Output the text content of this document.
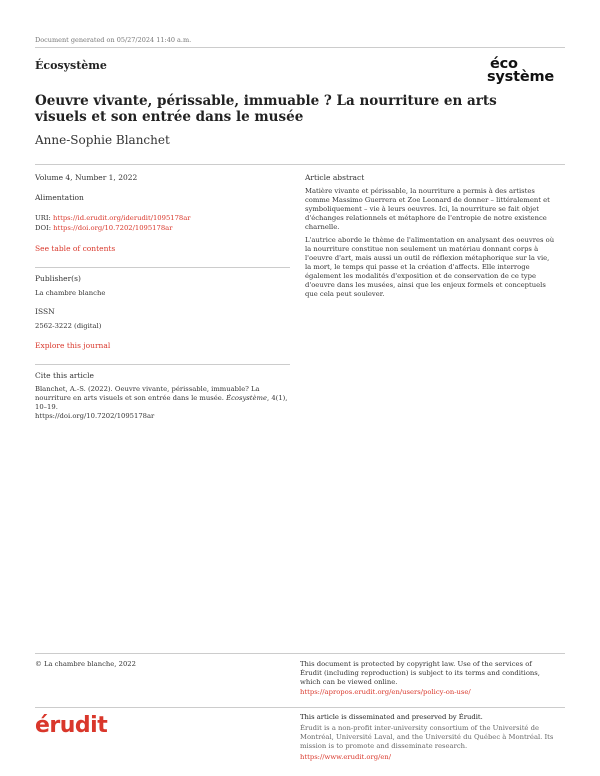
Document generated on 05/27/2024 11:40 a.m.
Écosystème	éco
système
Oeuvre vivante, périssable, immuable ? La nourriture en arts visuels et son entrée dans le musée
Anne-Sophie Blanchet
Volume 4, Number 1, 2022
Alimentation
URI: https://id.erudit.org/iderudit/1095178ar
DOI: https://doi.org/10.7202/1095178ar
See table of contents
Publisher(s)
La chambre blanche
ISSN
2562-3222 (digital)
Explore this journal
Cite this article
Blanchet, A.-S. (2022). Oeuvre vivante, périssable, immuable? La nourriture en arts visuels et son entrée dans le musée. Écosystème, 4(1), 10–19.
https://doi.org/10.7202/1095178ar
Article abstract

Matière vivante et périssable, la nourriture a permis à des artistes comme Massimo Guerrera et Zoe Leonard de donner – littéralement et symboliquement – vie à leurs oeuvres. Ici, la nourriture se fait objet d'échanges relationnels et métaphore de l'entropie de notre existence charnelle.

L'autrice aborde le thème de l'alimentation en analysant des oeuvres où la nourriture constitue non seulement un matériau donnant corps à l'oeuvre d'art, mais aussi un outil de réflexion métaphorique sur la vie, la mort, le temps qui passe et la création d'affects. Elle interroge également les modalités d'exposition et de conservation de ce type d'oeuvre dans les musées, ainsi que les enjeux formels et conceptuels que cela peut soulever.

© La chambre blanche, 2022	This document is protected by copyright law. Use of the services of Érudit (including reproduction) is subject to its terms and conditions, which can be viewed online.
https://apropos.erudit.org/en/users/policy-on-use/
érudit	This article is disseminated and preserved by Érudit.
Érudit is a non-profit inter-university consortium of the Université de Montréal, Université Laval, and the Université du Québec à Montréal. Its mission is to promote and disseminate research.
https://www.erudit.org/en/
